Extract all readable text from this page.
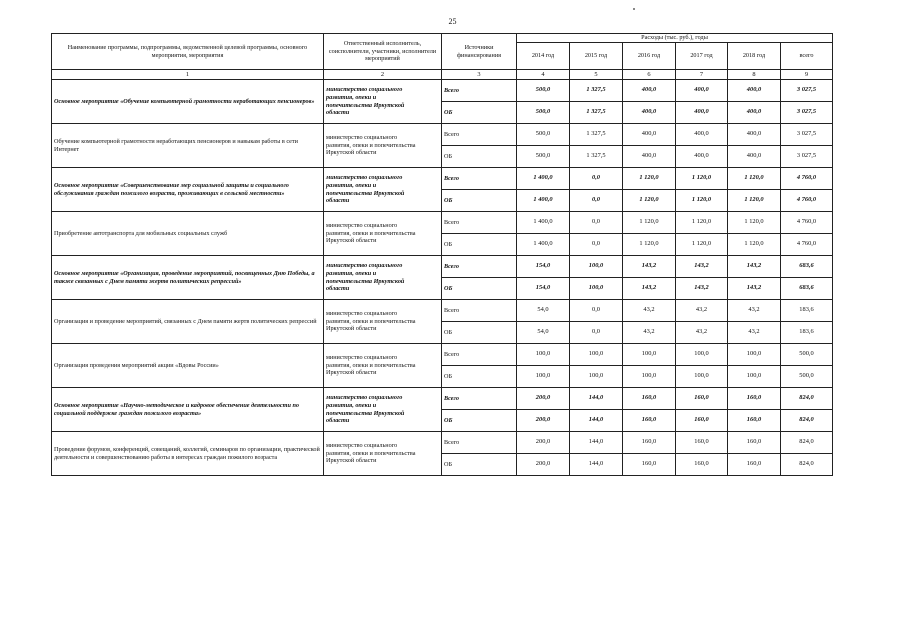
25
Наименование программы, подпрограммы, ведомственной целевой программы, основного мероприятия, мероприятия	Ответственный исполнитель, соисполнители, участники, исполнители мероприятий	Источники финансирования	Расходы (тыс. руб.), годы					
			2014 год	2015 год	2016 год	2017 год	2018 год	всего
1	2	3	4	5	6	7	8	9
Основное мероприятие «Обучение компьютерной грамотности неработающих пенсионеров»	министерство социального
развития, опеки и
попечительства Иркутской
области	Всего	500,0	1 327,5	400,0	400,0	400,0	3 027,5
		ОБ	500,0	1 327,5	400,0	400,0	400,0	3 027,5
Обучение компьютерной грамотности неработающих пенсионеров и навыкам работы в сети Интернет	министерство социального
развития, опеки и попечительства
Иркутской области	Всего	500,0	1 327,5	400,0	400,0	400,0	3 027,5
		ОБ	500,0	1 327,5	400,0	400,0	400,0	3 027,5
Основное мероприятие «Совершенствование мер социальной защиты и социального обслуживания граждан пожилого возраста, проживающих в сельской местности»	министерство социального
развития, опеки и
попечительства Иркутской
области	Всего	1 400,0	0,0	1 120,0	1 120,0	1 120,0	4 760,0
		ОБ	1 400,0	0,0	1 120,0	1 120,0	1 120,0	4 760,0
Приобретение автотранспорта для мобильных социальных служб	министерство социального
развития, опеки и попечительства
Иркутской области	Всего	1 400,0	0,0	1 120,0	1 120,0	1 120,0	4 760,0
		ОБ	1 400,0	0,0	1 120,0	1 120,0	1 120,0	4 760,0
Основное мероприятие «Организация, проведение мероприятий, посвященных Дню Победы, а также связанных с Днем памяти жертв политических репрессий»	министерство социального
развития, опеки и
попечительства Иркутской
области	Всего	154,0	100,0	143,2	143,2	143,2	683,6
		ОБ	154,0	100,0	143,2	143,2	143,2	683,6
Организация и проведение мероприятий, связанных с Днем памяти жертв политических репрессий	министерство социального
развития, опеки и попечительства
Иркутской области	Всего	54,0	0,0	43,2	43,2	43,2	183,6
		ОБ	54,0	0,0	43,2	43,2	43,2	183,6
Организация проведения мероприятий акции «Вдовы России»	министерство социального
развития, опеки и попечительства
Иркутской области	Всего	100,0	100,0	100,0	100,0	100,0	500,0
		ОБ	100,0	100,0	100,0	100,0	100,0	500,0
Основное мероприятие «Научно-методическое и кадровое обеспечение деятельности по социальной поддержке граждан пожилого возраста»	министерство социального
развития, опеки и
попечительства Иркутской
области	Всего	200,0	144,0	160,0	160,0	160,0	824,0
		ОБ	200,0	144,0	160,0	160,0	160,0	824,0
Проведение форумов, конференций, совещаний, коллегий, семинаров по организации, практической деятельности и совершенствованию работы в интересах граждан пожилого возраста	министерство социального
развития, опеки и попечительства
Иркутской области	Всего	200,0	144,0	160,0	160,0	160,0	824,0
		ОБ	200,0	144,0	160,0	160,0	160,0	824,0
